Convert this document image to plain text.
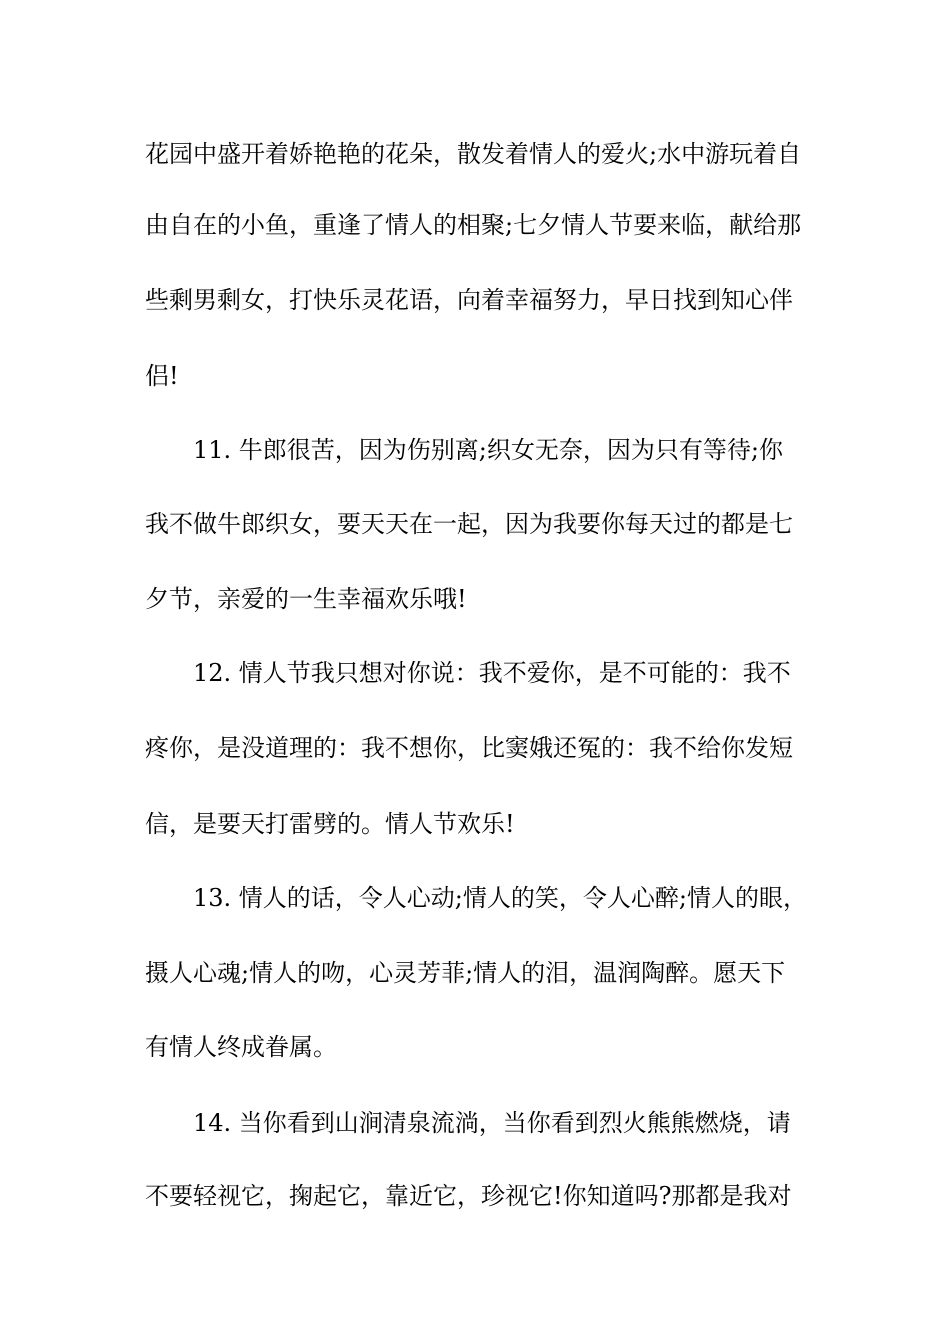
花园中盛开着娇艳艳的花朵，散发着情人的爱火;水中游玩着自
由自在的小鱼，重逢了情人的相聚;七夕情人节要来临，献给那
些剩男剩女，打快乐灵花语，向着幸福努力，早日找到知心伴
侣!
11. 牛郎很苦，因为伤别离;织女无奈，因为只有等待;你
我不做牛郎织女，要天天在一起，因为我要你每天过的都是七
夕节，亲爱的一生幸福欢乐哦!
12. 情人节我只想对你说：我不爱你，是不可能的：我不
疼你，是没道理的：我不想你，比窦娥还冤的：我不给你发短
信，是要天打雷劈的。情人节欢乐!
13. 情人的话，令人心动;情人的笑，令人心醉;情人的眼，
摄人心魂;情人的吻，心灵芳菲;情人的泪，温润陶醉。愿天下
有情人终成眷属。
14. 当你看到山涧清泉流淌，当你看到烈火熊熊燃烧，请
不要轻视它，掬起它，靠近它，珍视它!你知道吗?那都是我对
